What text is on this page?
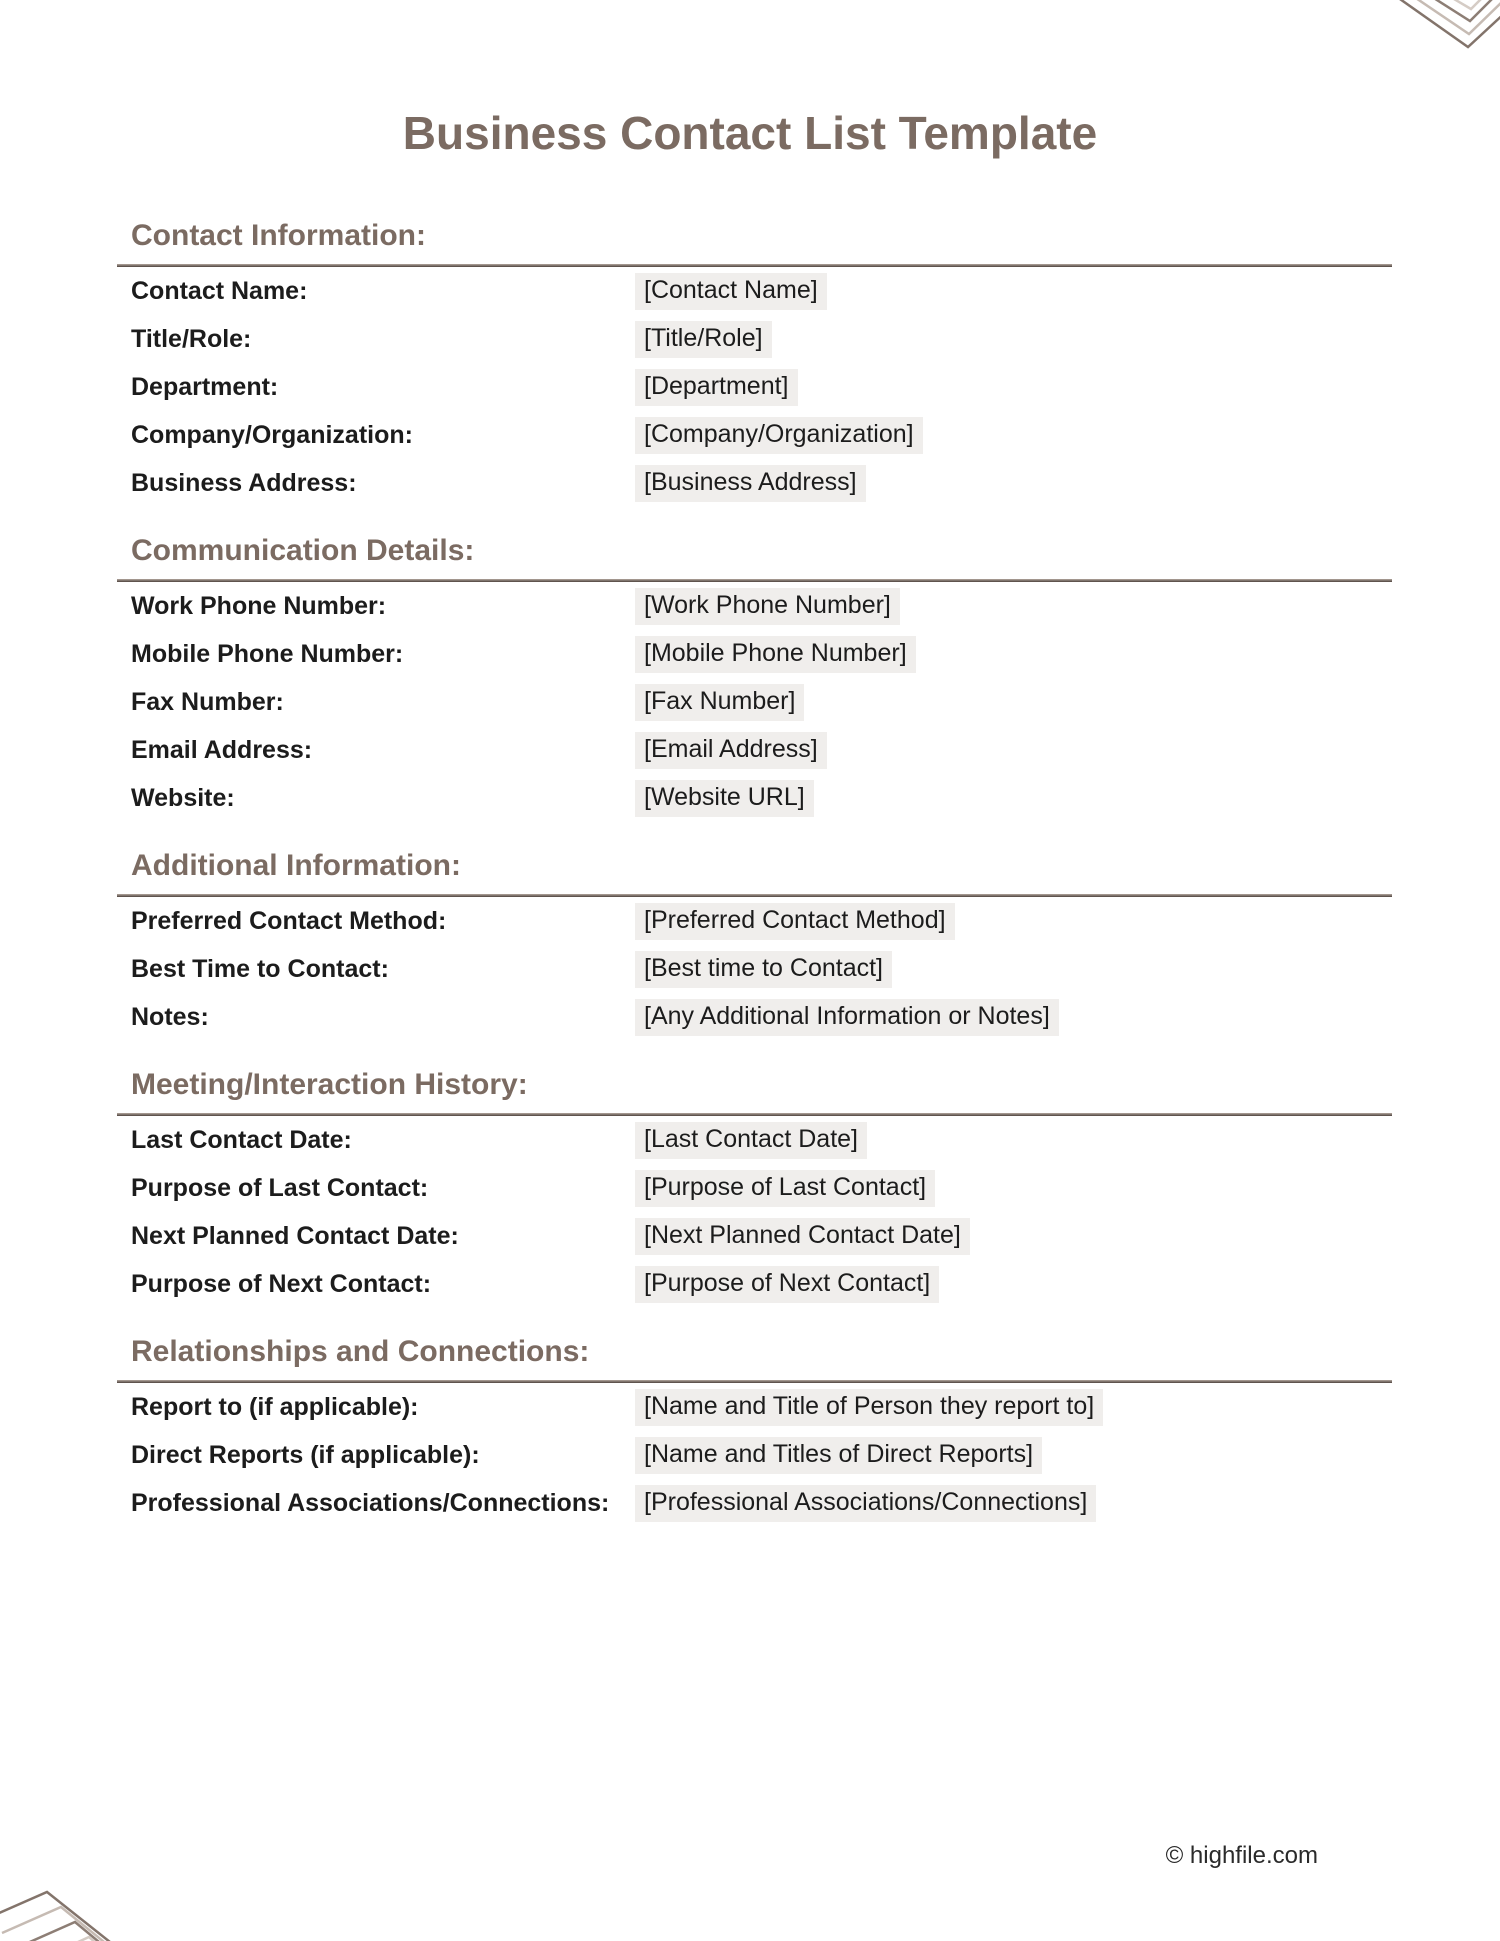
Business Contact List Template
Contact Information:
Contact Name:	[Contact Name]
Title/Role:	[Title/Role]
Department:	[Department]
Company/Organization:	[Company/Organization]
Business Address:	[Business Address]
Communication Details:
Work Phone Number:	[Work Phone Number]
Mobile Phone Number:	[Mobile Phone Number]
Fax Number:	[Fax Number]
Email Address:	[Email Address]
Website:	[Website URL]
Additional Information:
Preferred Contact Method:	[Preferred Contact Method]
Best Time to Contact:	[Best time to Contact]
Notes:	[Any Additional Information or Notes]
Meeting/Interaction History:
Last Contact Date:	[Last Contact Date]
Purpose of Last Contact:	[Purpose of Last Contact]
Next Planned Contact Date:	[Next Planned Contact Date]
Purpose of Next Contact:	[Purpose of Next Contact]
Relationships and Connections:
Report to (if applicable):	[Name and Title of Person they report to]
Direct Reports (if applicable):	[Name and Titles of Direct Reports]
Professional Associations/Connections:	[Professional Associations/Connections]
© highfile.com
